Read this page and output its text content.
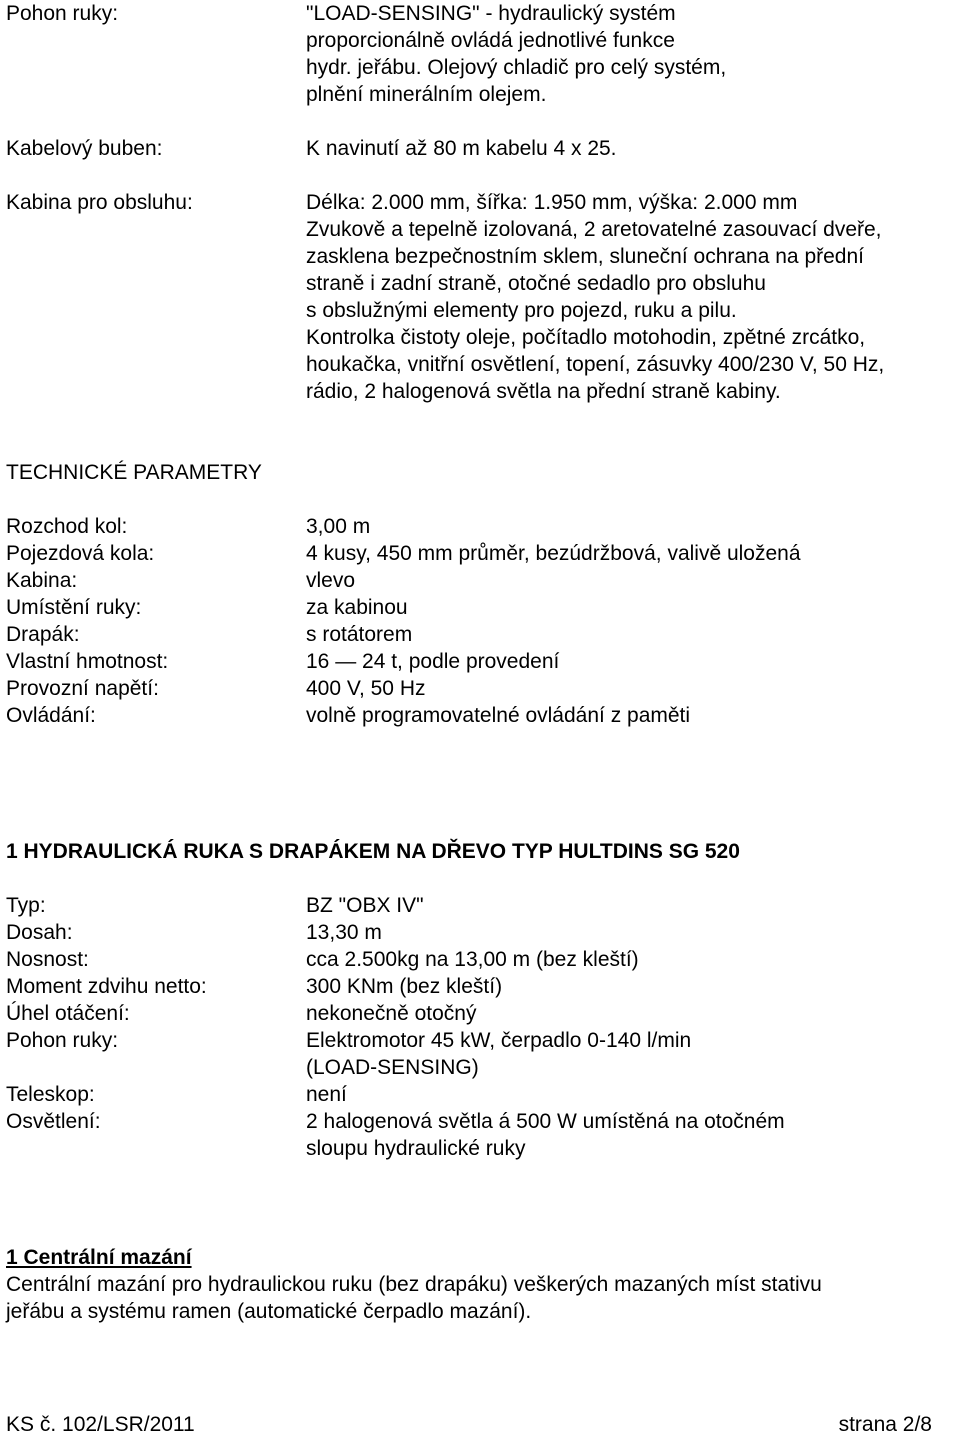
Pohon ruky:	"LOAD-SENSING" - hydraulický systém
proporcionálně ovládá jednotlivé funkce
hydr. jeřábu. Olejový chladič pro celý systém,
plnění minerálním olejem.
Kabelový buben:	K navinutí až 80 m kabelu 4 x 25.
Kabina pro obsluhu:	Délka: 2.000 mm, šířka: 1.950 mm, výška: 2.000 mm
Zvukově a tepelně izolovaná, 2 aretovatelné zasouvací dveře,
zasklena bezpečnostním sklem, sluneční ochrana na přední
straně i zadní straně, otočné sedadlo pro obsluhu
s obslužnými elementy pro pojezd, ruku a pilu.
Kontrolka čistoty oleje, počítadlo motohodin, zpětné zrcátko,
houkačka, vnitřní osvětlení, topení, zásuvky 400/230 V, 50 Hz,
rádio, 2 halogenová světla na přední straně kabiny.
TECHNICKÉ PARAMETRY
Rozchod kol:	3,00 m
Pojezdová kola:	4 kusy, 450 mm průměr, bezúdržbová, valivě uložená
Kabina:	vlevo
Umístění ruky:	za kabinou
Drapák:	s rotátorem
Vlastní hmotnost:	16 — 24 t, podle provedení
Provozní napětí:	400 V, 50 Hz
Ovládání:	volně programovatelné ovládání z paměti
1 HYDRAULICKÁ RUKA S DRAPÁKEM NA DŘEVO TYP HULTDINS SG 520
Typ:	BZ "OBX IV"
Dosah:	13,30 m
Nosnost:	cca 2.500kg na 13,00 m (bez kleští)
Moment zdvihu netto:	300 KNm (bez kleští)
Úhel otáčení:	nekonečně otočný
Pohon ruky:	Elektromotor 45 kW, čerpadlo 0-140 l/min
(LOAD-SENSING)
Teleskop:	není
Osvětlení:	2 halogenová světla á 500 W umístěná na otočném
sloupu hydraulické ruky
1 Centrální mazání
Centrální mazání pro hydraulickou ruku (bez drapáku) veškerých mazaných míst stativu
jeřábu a systému ramen (automatické čerpadlo mazání).
KS č. 102/LSR/2011	strana 2/8
